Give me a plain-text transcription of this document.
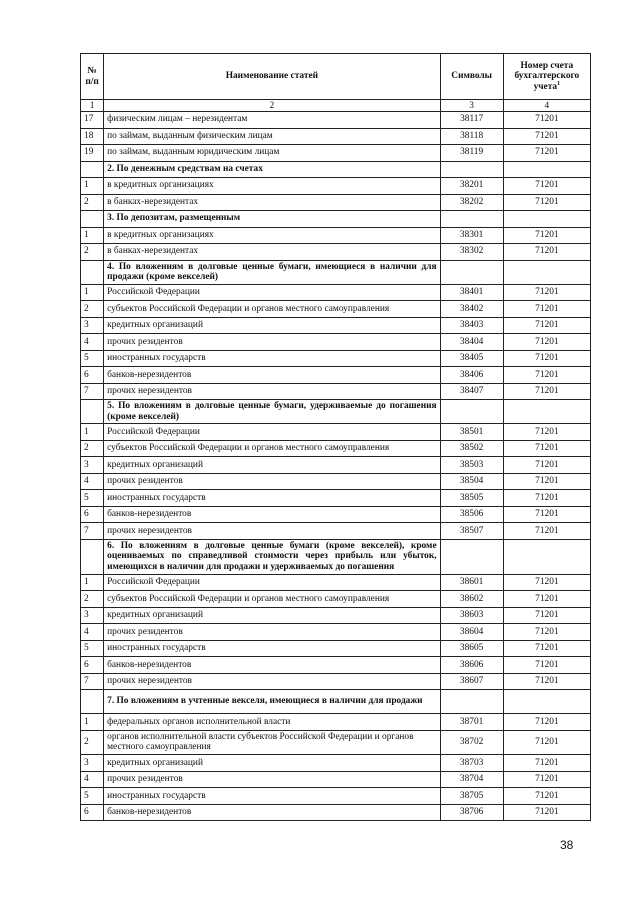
№
п/п	Наименование статей	Символы	Номер счета бухгалтерского учета$^1$
1	2	3	4
17	физическим лицам – нерезидентам	38117	71201
18	по займам, выданным физическим лицам	38118	71201
19	по займам, выданным юридическим лицам	38119	71201
	2. По денежным средствам на счетах		
1	в кредитных организациях	38201	71201
2	в банках-нерезидентах	38202	71201
	3. По депозитам, размещенным		
1	в кредитных организациях	38301	71201
2	в банках-нерезидентах	38302	71201
	4. По вложениям в долговые ценные бумаги, имеющиеся в наличии для продажи (кроме векселей)		
1	Российской Федерации	38401	71201
2	субъектов Российской Федерации и органов местного самоуправления	38402	71201
3	кредитных организаций	38403	71201
4	прочих резидентов	38404	71201
5	иностранных государств	38405	71201
6	банков-нерезидентов	38406	71201
7	прочих нерезидентов	38407	71201
	5. По вложениям в долговые ценные бумаги, удерживаемые до погашения (кроме векселей)		
1	Российской Федерации	38501	71201
2	субъектов Российской Федерации и органов местного самоуправления	38502	71201
3	кредитных организаций	38503	71201
4	прочих резидентов	38504	71201
5	иностранных государств	38505	71201
6	банков-нерезидентов	38506	71201
7	прочих нерезидентов	38507	71201
	6. По вложениям в долговые ценные бумаги (кроме векселей), кроме оцениваемых по справедливой стоимости через прибыль или убыток, имеющихся в наличии для продажи и удерживаемых до погашения		
1	Российской Федерации	38601	71201
2	субъектов Российской Федерации и органов местного самоуправления	38602	71201
3	кредитных организаций	38603	71201
4	прочих резидентов	38604	71201
5	иностранных государств	38605	71201
6	банков-нерезидентов	38606	71201
7	прочих нерезидентов	38607	71201
	7. По вложениям в учтенные векселя, имеющиеся в наличии для продажи		
1	федеральных органов исполнительной власти	38701	71201
2	органов исполнительной власти субъектов Российской Федерации и органов местного самоуправления	38702	71201
3	кредитных организаций	38703	71201
4	прочих резидентов	38704	71201
5	иностранных государств	38705	71201
6	банков-нерезидентов	38706	71201
38
